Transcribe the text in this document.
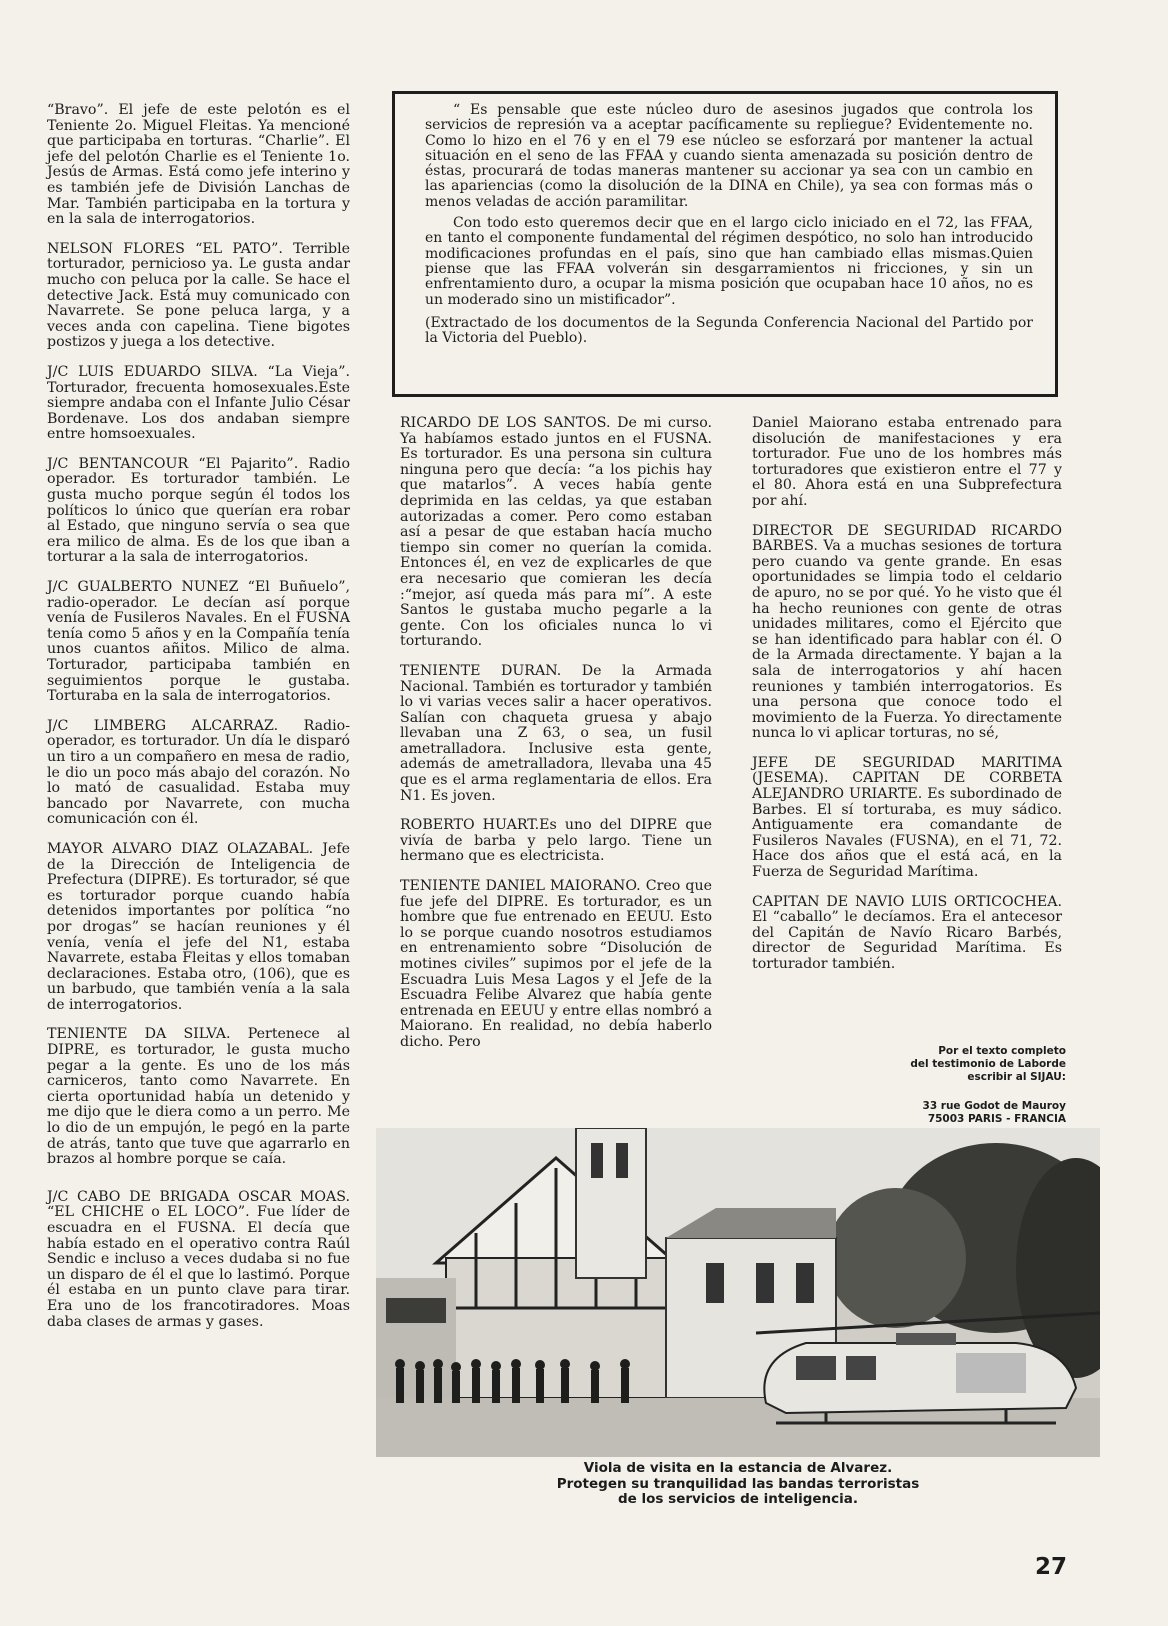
“Bravo”. El jefe de este pelotón es el Teniente 2o. Miguel Fleitas. Ya mencioné que participaba en torturas. “Charlie”. El jefe del pelotón Charlie es el Teniente 1o. Jesús de Armas. Está como jefe interino y es también jefe de División Lanchas de Mar. También participaba en la tortura y en la sala de interrogatorios.

NELSON FLORES “EL PATO”. Terrible torturador, pernicioso ya. Le gusta andar mucho con peluca por la calle. Se hace el detective Jack. Está muy comunicado con Navarrete. Se pone peluca larga, y a veces anda con capelina. Tiene bigotes postizos y juega a los detective.

J/C LUIS EDUARDO SILVA. “La Vieja”. Torturador, frecuenta homosexuales.Este siempre andaba con el Infante Julio César Bordenave. Los dos andaban siempre entre homsoexuales.

J/C BENTANCOUR “El Pajarito”. Radio operador. Es torturador también. Le gusta mucho porque según él todos los políticos lo único que querían era robar al Estado, que ninguno servía o sea que era milico de alma. Es de los que iban a torturar a la sala de interrogatorios.

J/C GUALBERTO NUNEZ “El Buñuelo”, radio-operador. Le decían así porque venía de Fusileros Navales. En el FUSNA tenía como 5 años y en la Compañía tenía unos cuantos añitos. Milico de alma. Torturador, participaba también en seguimientos porque le gustaba. Torturaba en la sala de interrogatorios.

J/C LIMBERG ALCARRAZ. Radio-operador, es torturador. Un día le disparó un tiro a un compañero en mesa de radio, le dio un poco más abajo del corazón. No lo mató de casualidad. Estaba muy bancado por Navarrete, con mucha comunicación con él.

MAYOR ALVARO DIAZ OLAZABAL. Jefe de la Dirección de Inteligencia de Prefectura (DIPRE). Es torturador, sé que es torturador porque cuando había detenidos importantes por política “no por drogas” se hacían reuniones y él venía, venía el jefe del N1, estaba Navarrete, estaba Fleitas y ellos tomaban declaraciones. Estaba otro, (106), que es un barbudo, que también venía a la sala de interrogatorios.

TENIENTE DA SILVA. Pertenece al DIPRE, es torturador, le gusta mucho pegar a la gente. Es uno de los más carniceros, tanto como Navarrete. En cierta oportunidad había un detenido y me dijo que le diera como a un perro. Me lo dio de un empujón, le pegó en la parte de atrás, tanto que tuve que agarrarlo en brazos al hombre porque se caía.

J/C CABO DE BRIGADA OSCAR MOAS. “EL CHICHE o EL LOCO”. Fue líder de escuadra en el FUSNA. El decía que había estado en el operativo contra Raúl Sendic e incluso a veces dudaba si no fue un disparo de él el que lo lastimó. Porque él estaba en un punto clave para tirar. Era uno de los francotiradores. Moas daba clases de armas y gases.

“ Es pensable que este núcleo duro de asesinos jugados que controla los servicios de represión va a aceptar pacíficamente su repliegue? Evidentemente no. Como lo hizo en el 76 y en el 79 ese núcleo se esforzará por mantener la actual situación en el seno de las FFAA y cuando sienta amenazada su posición dentro de éstas, procurará de todas maneras mantener su accionar ya sea con un cambio en las apariencias (como la disolución de la DINA en Chile), ya sea con formas más o menos veladas de acción paramilitar.

Con todo esto queremos decir que en el largo ciclo iniciado en el 72, las FFAA, en tanto el componente fundamental del régimen despótico, no solo han introducido modificaciones profundas en el país, sino que han cambiado ellas mismas.Quien piense que las FFAA volverán sin desgarramientos ni fricciones, y sin un enfrentamiento duro, a ocupar la misma posición que ocupaban hace 10 años, no es un moderado sino un mistificador”.

(Extractado de los documentos de la Segunda Conferencia Nacional del Partido por la Victoria del Pueblo).

RICARDO DE LOS SANTOS. De mi curso. Ya habíamos estado juntos en el FUSNA. Es torturador. Es una persona sin cultura ninguna pero que decía: “a los pichis hay que matarlos”. A veces había gente deprimida en las celdas, ya que estaban autorizadas a comer. Pero como estaban así a pesar de que estaban hacía mucho tiempo sin comer no querían la comida. Entonces él, en vez de explicarles de que era necesario que comieran les decía :“mejor, así queda más para mí”. A este Santos le gustaba mucho pegarle a la gente. Con los oficiales nunca lo vi torturando.

TENIENTE DURAN. De la Armada Nacional. También es torturador y también lo vi varias veces salir a hacer operativos. Salían con chaqueta gruesa y abajo llevaban una Z 63, o sea, un fusil ametralladora. Inclusive esta gente, además de ametralladora, llevaba una 45 que es el arma reglamentaria de ellos. Era N1. Es joven.

ROBERTO HUART.Es uno del DIPRE que vivía de barba y pelo largo. Tiene un hermano que es electricista.

TENIENTE DANIEL MAIORANO. Creo que fue jefe del DIPRE. Es torturador, es un hombre que fue entrenado en EEUU. Esto lo se porque cuando nosotros estudiamos en entrenamiento sobre “Disolución de motines civiles” supimos por el jefe de la Escuadra Luis Mesa Lagos y el Jefe de la Escuadra Felibe Alvarez que había gente entrenada en EEUU y entre ellas nombró a Maiorano. En realidad, no debía haberlo dicho. Pero

Daniel Maiorano estaba entrenado para disolución de manifestaciones y era torturador. Fue uno de los hombres más torturadores que existieron entre el 77 y el 80. Ahora está en una Subprefectura por ahí.

DIRECTOR DE SEGURIDAD RICARDO BARBES. Va a muchas sesiones de tortura pero cuando va gente grande. En esas oportunidades se limpia todo el celdario de apuro, no se por qué. Yo he visto que él ha hecho reuniones con gente de otras unidades militares, como el Ejército que se han identificado para hablar con él. O de la Armada directamente. Y bajan a la sala de interrogatorios y ahí hacen reuniones y también interrogatorios. Es una persona que conoce todo el movimiento de la Fuerza. Yo directamente nunca lo vi aplicar torturas, no sé,

JEFE DE SEGURIDAD MARITIMA (JESEMA). CAPITAN DE CORBETA ALEJANDRO URIARTE. Es subordinado de Barbes. El sí torturaba, es muy sádico. Antiguamente era comandante de Fusileros Navales (FUSNA), en el 71, 72. Hace dos años que el está acá, en la Fuerza de Seguridad Marítima.

CAPITAN DE NAVIO LUIS ORTICOCHEA. El “caballo” le decíamos. Era el antecesor del Capitán de Navío Ricaro Barbés, director de Seguridad Marítima. Es torturador también.

Por el texto completo
del testimonio de Laborde
escribir al SIJAU:
33 rue Godot de Mauroy
75003 PARIS - FRANCIA
Viola de visita en la estancia de Alvarez.
Protegen su tranquilidad las bandas terroristas
de los servicios de inteligencia.
27
